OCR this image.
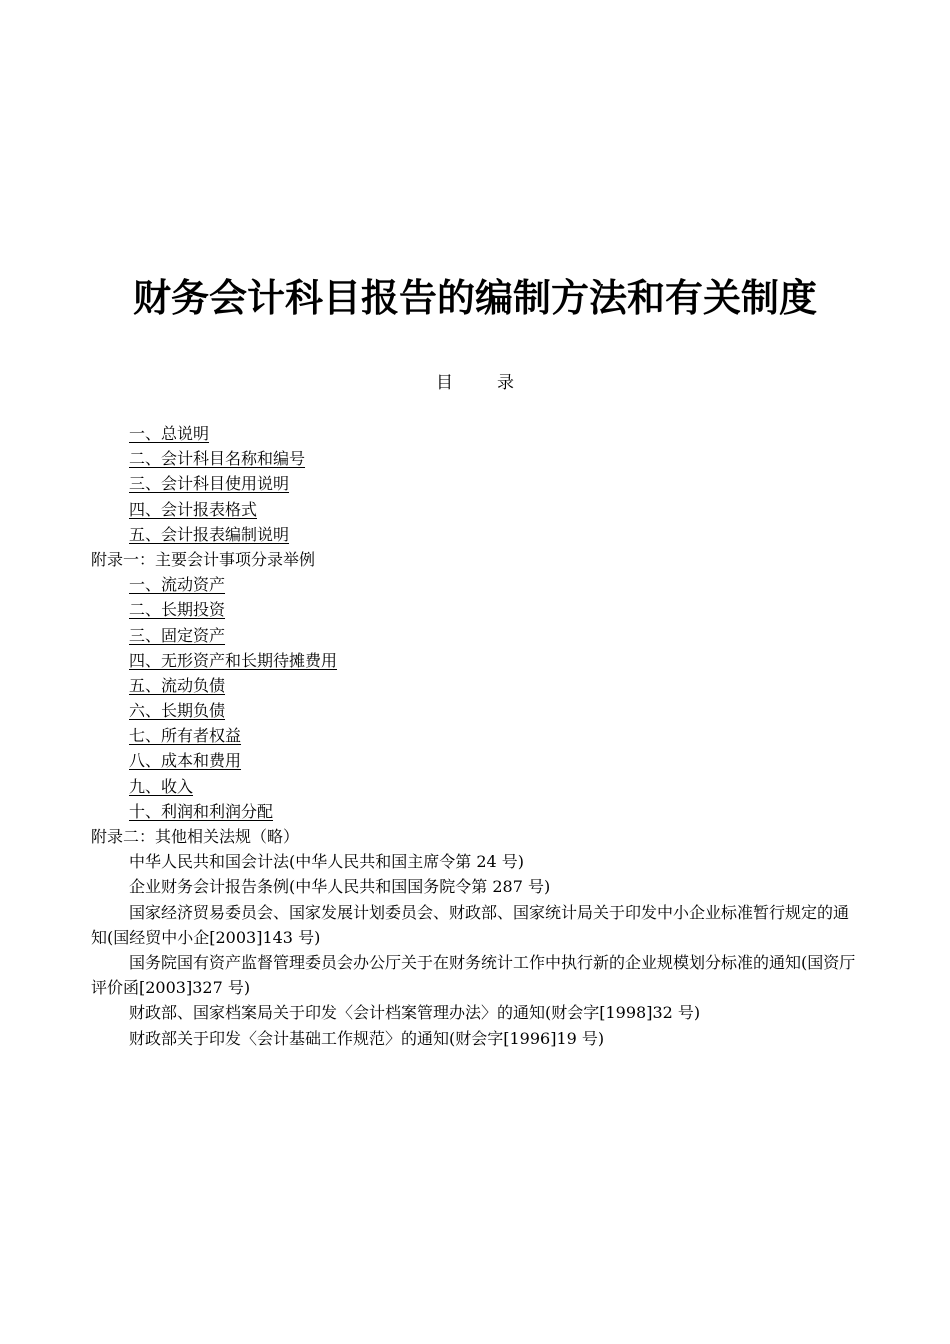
财务会计科目报告的编制方法和有关制度
目	录
一、总说明
二、会计科目名称和编号
三、会计科目使用说明
四、会计报表格式
五、会计报表编制说明
附录一：主要会计事项分录举例
一、流动资产
二、长期投资
三、固定资产
四、无形资产和长期待摊费用
五、流动负债
六、长期负债
七、所有者权益
八、成本和费用
九、收入
十、利润和利润分配
附录二：其他相关法规（略）
中华人民共和国会计法(中华人民共和国主席令第 24 号)
企业财务会计报告条例(中华人民共和国国务院令第 287 号)
国家经济贸易委员会、国家发展计划委员会、财政部、国家统计局关于印发中小企业标准暂行规定的通知(国经贸中小企[2003]143 号)
国务院国有资产监督管理委员会办公厅关于在财务统计工作中执行新的企业规模划分标准的通知(国资厅评价函[2003]327 号)
财政部、国家档案局关于印发〈会计档案管理办法〉的通知(财会字[1998]32 号)
财政部关于印发〈会计基础工作规范〉的通知(财会字[1996]19 号)
